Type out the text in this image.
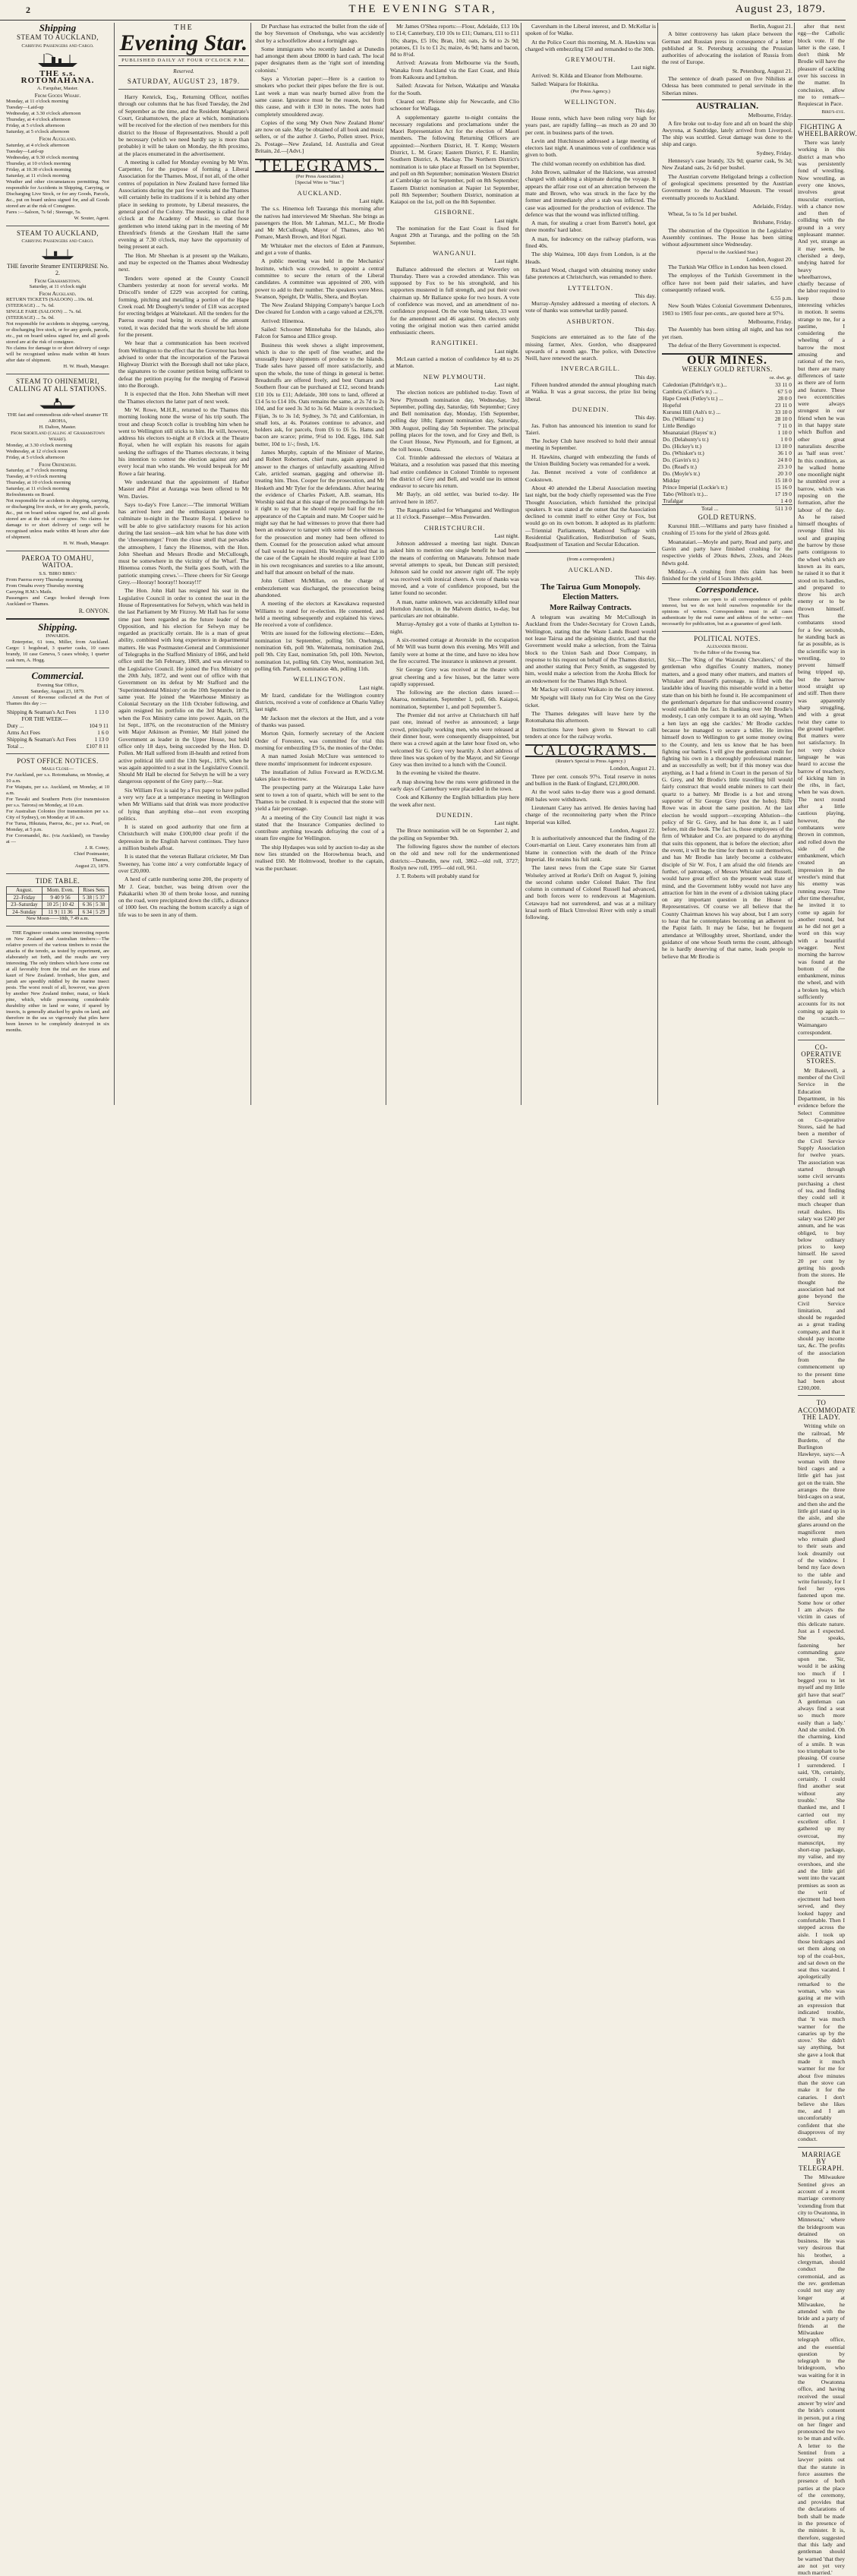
2	THE EVENING STAR,	August 23, 1879.
Shipping
STEAM TO AUCKLAND,
Carrying Passengers and Cargo.
THE s.s. ROTOMAHANA.
A. Farquhar, Master.
From Goods Wharf.
Monday, at 11 o'clock morning
Tuesday—Laid-up
Wednesday, at 3.30 o'clock afternoon
Thursday, at 4 o'clock afternoon
Friday, at 5 o'clock afternoon
Saturday, at 5 o'clock afternoon
From Auckland.
Saturday, at 4 o'clock afternoon
Tuesday—Laid-up
Wednesday, at 9.30 o'clock morning
Thursday, at 10 o'clock morning
Friday, at 10.30 o'clock morning
Saturday, at 11 o'clock morning
Weather and other circumstances permitting. Not responsible for Accidents in Shipping, Carrying, or Discharging Live Stock, or for any Goods, Parcels, &c., put on board unless signed for, and all Goods stored are at the risk of Consignee.
Fares :—Saloon, 7s 6d ; Steerage, 5s.
W. Souter, Agent.
STEAM TO AUCKLAND,
Carrying Passengers and Cargo.
THE favorite Steamer ENTERPRISE No. 2.
From Grahamstown.
Saturday, at 11 o'clock night
From Auckland.
RETURN TICKETS (SALOON) ...10s. 0d.
(STEERAGE) ... 7s. 6d.
SINGLE FARE (SALOON) ... 7s. 6d.
(STEERAGE) ... 5s. 0d.
Not responsible for accidents in shipping, carrying, or discharging live stock, or for any goods, parcels, etc., put on board unless signed for, and all goods stored are at the risk of consignee.
No claims for damage to or short delivery of cargo will be recognised unless made within 48 hours after date of shipment.
H. W. Heath, Manager.
STEAM TO OHINEMURI, CALLING AT ALL STATIONS.
THE fast and commodious side-wheel steamer TE AROHA,
H. Dalton, Master.
From Shortland (calling at Grahamstown Wharf).
Monday, at 3.30 o'clock morning
Wednesday, at 12 o'clock noon
Friday, at 5 o'clock afternoon
From Ohinemuri.
Saturday, at 7 o'clock morning
Tuesday, at 9 o'clock morning
Thursday, at 10 o'clock morning
Saturday, at 11 o'clock morning
Refreshments on Board.
Not responsible for accidents in shipping, carrying, or discharging live stock, or for any goods, parcels, &c., put on board unless signed for, and all goods stored are at the risk of consignee. No claims for damage to or short delivery of cargo will be recognised unless made within 48 hours after date of shipment.
H. W. Heath, Manager.
PAEROA TO OMAHU, WAITOA.
S.S. 'BIRO BIRO.'
From Paeroa every Thursday morning
From Omahu every Thursday morning
Carrying H.M.'s Mails.
Passengers and Cargo booked through from Auckland or Thames.
R. ONYON.
Shipping.
INWARDS.

Enterprise, 61 tons, Miller, from Auckland. Cargo: 1 hogshead, 3 quarter casks, 10 cases brandy, 10 case Geneva, 5 cases whisky, 1 quarter cask rum, A. Hogg.

Commercial.
Evening Star Office,
Saturday, August 23, 1879.

Amount of Revenue collected at the Port of Thames this day :—

Shipping & Seaman's Act Fees	1 13 0
FOR THE WEEK—	
Duty ...	104 9 11
Arms Act Fees	1 6 0
Shipping & Seaman's Act Fees	1 13 0
Total ...	£107 8 11
POST OFFICE NOTICES.
Mails Close—
For Auckland, per s.s. Rotomahana, on Monday, at 10 a.m.
For Waipatu, per s.s. Auckland, on Monday, at 10 a.m.
For Tawaki and Southern Ports (for transmission per s.s. Tairora) on Monday, at 10 a.m.
For Australian Colonies (for transmission per s.s. City of Sydney), on Monday at 10 a.m.
For Turua, Hikutaia, Paeroa, &c., per s.s. Pearl, on Monday, at 5 p.m.
For Coromandel, &c. (via Auckland), on Tuesday at —
J. R. Coney,
Chief Postmaster,
Thames,
August 23, 1879.
TIDE TABLE.
August.	Morn. Even.	Rises Sets
22–Friday	9 40 9 56	5 38 | 5 37
23–Saturday	10 25 | 10 42	6 36 | 5 38
24–Sunday	11 9 | 11 36	6 34 | 5 29
New Moon——18th, 7.49 a.m.

THE Engineer contains some interesting reports on New Zealand and Australian timbers:—The relative powers of the various timbers to resist the attacks of the teredo, as tested by experiment, are elaborately set forth, and the results are very interesting. The only timbers which have come out at all favorably from the trial are the totara and kauri of New Zealand. Ironbark, blue gum, and jarrah are speedily riddled by the marine insect pests. The worst result of all, however, was given by another New Zealand timber, matai, or black pine, which, while possessing considerable durability either in land or water, if spared by insects, is generally attacked by grubs on land, and therefore in the sea so vigorously that piles have been known to be completely destroyed in six months.

THE
Evening Star.
PUBLISHED DAILY AT FOUR O'CLOCK P.M.
Reserved.
SATURDAY, AUGUST 23, 1879.

Harry Kenrick, Esq., Returning Officer, notifies through our columns that he has fixed Tuesday, the 2nd of September as the time, and the Resident Magistrate's Court, Grahamstown, the place at which, nominations will be received for the election of two members for this district to the House of Representatives. Should a poll be necessary (which we need hardly say is more than probable) it will be taken on Monday, the 8th proximo, at the places enumerated in the advertisement.

A meeting is called for Monday evening by Mr Wm. Carpenter, for the purpose of forming a Liberal Association for the Thames. Most, if not all, of the other centres of population in New Zealand have formed like Associations during the past few weeks and the Thames will certainly belie its traditions if it is behind any other place in seeking to promote, by Liberal measures, the general good of the Colony. The meeting is called for 8 o'clock at the Academy of Music, so that those gentlemen who intend taking part in the meeting of Mr Ehrenfried's friends at the Gresham Hall the same evening at 7.30 o'clock, may have the opportunity of being present at each.

The Hon. Mr Sheehan is at present up the Waikato, and may be expected on the Thames about Wednesday next.

Tenders were opened at the County Council Chambers yesterday at noon for several works. Mr Driscoll's tender of £229 was accepted for cutting, forming, pitching and metalling a portion of the Hape Creek road. Mr Dougherty's tender of £18 was accepted for erecting bridges at Waitekauri. All the tenders for the Paeroa swamp road being in excess of the amount voted, it was decided that the work should be left alone for the present.

We hear that a communication has been received from Wellington to the effect that the Governor has been advised to order that the incorporation of the Parawai Highway District with the Borough shall not take place, the signatures to the counter petition being sufficient to defeat the petition praying for the merging of Parawai into the Borough.

It is expected that the Hon. John Sheehan will meet the Thames electors the latter part of next week.

Mr W. Rowe, M.H.R., returned to the Thames this morning looking none the worse of his trip south. The trout and cheap Scotch collar is troubling him when he went to Wellington still sticks to him. He will, however, address his electors to-night at 8 o'clock at the Theatre Royal, when he will explain his reasons for again seeking the suffrages of the Thames electorate, it being his intention to contest the election against any and every local man who stands. We would bespeak for Mr Rowe a fair hearing.

We understand that the appointment of Harbor Master and Pilot at Auranga was been offered to Mr Wm. Davies.

Says to-day's Free Lance:—'The immortal William has arrived here and the enthusiasm appeared to culminate to-night in the Theatre Royal. I believe he will be able to give satisfactory reasons for his action during the last session—ask him what he has done with the 'cheesemonger.' From the close smell that pervades the atmosphere, I fancy the Hinemos, with the Hon. John Sheehan and Messrs Brodie and McCullough, must be somewhere in the vicinity of the Wharf. The Hinemoa comes North, the Stella goes South, with the patriotic stumping crews.'—Three cheers for Sir George Grey.—Hooray! hooray!! hooray!!!'

The Hon. John Hall has resigned his seat in the Legislative Council in order to contest the seat in the House of Representatives for Selwyn, which was held in the last Parliament by Mr Fitzroy. Mr Hall has for some time past been regarded as the future leader of the Opposition, and his election for Selwyn may be regarded as practically certain. He is a man of great ability, combined with long experience in departmental matters. He was Postmaster-General and Commissioner of Telegraphs in the Stafford Ministry of 1866, and held office until the 5th February, 1869, and was elevated to the Legislative Council. He joined the Fox Ministry on the 20th July, 1872, and went out of office with that Government on its defeat by Mr Stafford and the 'Superintendental Ministry' on the 10th September in the same year. He joined the Waterhouse Ministry as Colonial Secretary on the 11th October following, and again resigned his portfolio on the 3rd March, 1873, when the Fox Ministry came into power. Again, on the 1st Sept., 1876, on the reconstruction of the Ministry with Major Atkinson as Premier, Mr Hall joined the Government as leader in the Upper House, but held office only 18 days, being succeeded by the Hon. D. Pollen. Mr Hall suffered from ill-health and retired from active political life until the 13th Sept., 1876, when he was again appointed to a seat in the Legislative Council. Should Mr Hall be elected for Selwyn he will be a very dangerous opponent of the Grey party.—Star.

Six William Fox is said by a Fox paper to have pulled a very wry face at a temperance meeting in Wellington when Mr Williams said that drink was more productive of lying than anything else—not even excepting politics.

It is stated on good authority that one firm at Christchurch will make £100,000 clear profit if the depression in the English harvest continues. They have a million bushels afloat.

It is stated that the veteran Ballarat cricketer, Mr Dan Sweeney, has 'come into' a very comfortable legacy of over £20,000.

A herd of cattle numbering some 200, the property of Mr J. Gear, butcher, was being driven over the Pakakariki when 30 of them broke loose, and running on the road, were precipitated down the cliffs, a distance of 1000 feet. On reaching the bottom scarcely a sign of life was to be seen in any of them.

Dr Purchase has extracted the bullet from the side of the boy Stevenson of Onehunga, who was accidently shot by a schoolfellow about a fortnight ago.

Some immigrants who recently landed at Dunedin had amongst them about £8000 in hard cash. The local paper designates them as the 'right sort of intending colonists.'

Says a Victorian paper:—Here is a caution to smokers who pocket their pipes before the fire is out. Last week a man was nearly burned alive from the same cause. Ignorance must be the reason, but from this cause, and with it £30 in notes. The notes had completely smouldered away.

Copies of the song 'My Own New Zealand Home' are now on sale. May be obtained of all book and music sellers, or of the author J. Gerbo, Pollen street. Price, 2s. Postage—New Zealand, 1d. Australia and Great Britain, 2d.—[Advt.]

TELEGRAMS.
(Per Press Association.)
[Special Wire to "Star."]
AUCKLAND.
Last night.

The s.s. Hinemoa left Tauranga this morning after the natives had interviewed Mr Sheehan. She brings as passengers the Hon. Mr Lahman, M.L.C., Mr Brodie and Mr McCullough, Mayor of Thames, also Wi Pomare, Marsh Brown, and Hori Ngati.

Mr Whitaker met the electors of Eden at Panmure, and got a vote of thanks.

A public meeting was held in the Mechanics' Institute, which was crowded, to appoint a central committee to secure the return of the Liberal candidates. A committee was appointed of 200, with power to add to their number. The speakers were Mess. Swanson, Speight, Dr Wallis, Shera, and Boylan.

The New Zealand Shipping Company's barque Loch Dee cleared for London with a cargo valued at £26,378.

Arrived: Hinemoa.

Sailed: Schooner Minnehaha for the Islands, also Falcon for Samoa and Ellice group.

Business this week shows a slight improvement, which is due to the spell of fine weather, and the unusually heavy shipments of produce to the Islands. Trade sales have passed off more satisfactorily, and upon the whole, the tone of things in general is better. Breadstuffs are offered freely, and best Oamaru and Southern flour can be purchased at £12, second brands £10 10s to £11; Adelaide, 300 tons to land, offered at £14 5s to £14 10s. Oats remains the same, at 2s 7d to 2s 10d, and for seed 3s 3d to 3s 6d. Maize is overstocked; Fijian, 3s to 3s 1d; Sydney, 3s 7d; and Californian, in small lots, at 4s. Potatoes continue to advance, and holders ask, for parcels, from £6 to £6 5s. Hams and bacon are scarce; prime, 9½d to 10d. Eggs, 10d. Salt butter, 10d to 1/-; fresh, 1/6.

James Murphy, captain of the Minister of Marine, and Robert Robertson, chief mate, again appeared in answer to the charges of unlawfully assaulting Alfred Cale, articled seaman, gagging and otherwise ill-treating him. Thos. Cooper for the prosecution, and Mr Hesketh and Mr Tyler for the defendants. After hearing the evidence of Charles Pickett, A.B. seaman, His Worship said that at this stage of the proceedings he felt it right to say that he should require bail for the re-appearance of the Captain and mate. Mr Cooper said he might say that he had witnesses to prove that there had been an endeavor to tamper with some of the witnesses for the prosecution and money had been offered to them. Counsel for the prosecution asked what amount of bail would be required. His Worship replied that in the case of the Captain he should require at least £100 in his own recognisances and sureties to a like amount, and half that amount on behalf of the mate.

John Gilbert McMillan, on the charge of embezzlement was discharged, the prosecution being abandoned.

A meeting of the electors at Kawakawa requested Williams to stand for re-election. He consented, and held a meeting subsequently and explained his views. He received a vote of confidence.

Writs are issued for the following elections:—Eden, nomination 1st September, polling 5th. Onehunga, nomination 6th, poll 9th. Waitemata, nomination 2nd, poll 9th. City East, nomination 5th, poll 10th. Newton, nomination 1st, polling 6th. City West, nomination 3rd, polling 6th. Parnell, nomination 4th, polling 11th.

WELLINGTON.
Last night.

Mr Izard, candidate for the Wellington country districts, received a vote of confidence at Ohariu Valley last night.

Mr Jackson met the electors at the Hutt, and a vote of thanks was passed.

Morton Quin, formerly secretary of the Ancient Order of Foresters, was committed for trial this morning for embezzling £9 5s, the monies of the Order.

A man named Josiah McClure was sentenced to three months' imprisonment for indecent exposure.

The installation of Julius Foxward as R.W.D.G.M. takes place to-morrow.

The prospecting party at the Wairarapa Lake have sent to town a ton of quartz, which will be sent to the Thames to be crushed. It is expected that the stone will yield a fair percentage.

At a meeting of the City Council last night it was stated that the Insurance Companies declined to contribute anything towards defraying the cost of a steam fire engine for Wellington.

The ship Hydaspes was sold by auction to-day as she now lies stranded on the Horowhenua beach, and realised £60. Mr Holmwood, brother to the captain, was the purchaser.

Mr James O'Shea reports:—Flour, Adelaide, £13 10s to £14; Canterbury, £10 10s to £11; Oamaru, £11 to £11 10s; sharps, £5 10s; Bran, 10d; oats, 2s 6d to 2s 9d; potatoes, £1 1s to £1 2s; maize, 4s 9d; hams and bacon, 8d to 8½d.

Arrived: Arawata from Melbourne via the South, Wanaka from Auckland via the East Coast, and Huia from Kaikoura and Lyttelton.

Sailed: Arawata for Nelson, Wakatipu and Wanaka for the South.

Cleared out: Pleione ship for Newcastle, and Clio schooner for Wallaga.

A supplementary gazette to-night contains the necessary regulations and proclamations under the Maori Representation Act for the election of Maori members. The following Returning Officers are appointed:—Northern District, H. T. Kemp; Western District, L. M. Grace; Eastern District, F. E. Hamlin; Southern District, A. Mackay. The Northern District's nomination is to take place at Russell on 1st September, and poll on 8th September; nomination Western District at Cambridge on 1st September, poll on 8th September; Eastern District nomination at Napier 1st September, poll 8th September; Southern District, nomination at Kaiapoi on the 1st, poll on the 8th September.

GISBORNE.
Last night.

The nomination for the East Coast is fixed for August 29th at Turanga, and the polling on the 5th September.

WANGANUI.
Last night.

Ballance addressed the electors at Waverley on Thursday. There was a crowded attendance. This was supposed by Fox to be his stronghold, and his supporters mustered in full strength, and put their own chairman up. Mr Ballance spoke for two hours. A vote of confidence was moved, and an amendment of no-confidence proposed. On the vote being taken, 33 went for the amendment and 46 against. On electors only voting the original motion was then carried amidst enthusiastic cheers.

RANGITIKEI.
Last night.

McLean carried a motion of confidence by 48 to 26 at Marton.

NEW PLYMOUTH.
Last night.

The election notices are published to-day. Town of New Plymouth nomination day, Wednesday, 3rd September, polling day, Saturday, 6th September; Grey and Bell nomination day, Monday, 15th September, polling day 18th; Egmont nomination day, Saturday, 30th August, polling day 5th September. The principal polling places for the town, and for Grey and Bell, is the Court House, New Plymouth, and for Egmont, at the toll house, Omata.

Col. Trimble addressed the electors of Waitara at Waitara, and a resolution was passed that this meeting had entire confidence in Colonel Trimble to represent the district of Grey and Bell, and would use its utmost endeavor to secure his return.

Mr Bayly, an old settler, was buried to-day. He arrived here in 1857.

The Rangatira sailed for Whanganui and Wellington at 11 o'clock. Passenger—Miss Penwarden.

CHRISTCHURCH.
Last night.

Johnson addressed a meeting last night. Duncan asked him to mention one single benefit he had been the means of conferring on Manawatu. Johnson made several attempts to speak, but Duncan still persisted; Johnson said he could not answer right off. The reply was received with ironical cheers. A vote of thanks was moved, and a vote of confidence proposed, but the latter found no seconder.

A man, name unknown, was accidentally killed near Horndon Junction, in the Malvern district, to-day, but particulars are not obtainable.

Murray-Aynsley got a vote of thanks at Lyttelton to-night.

A six-roomed cottage at Avonside in the occupation of Mr Will was burnt down this evening. Mrs Will and family were at home at the time, and have no idea how the fire occurred. The insurance is unknown at present.

Sir George Grey was received at the theatre with great cheering and a few hisses, but the latter were rapidly suppressed.

The following are the election dates issued:—Akaroa, nomination, September 1, poll, 6th. Kaiapoi, nomination, September 1, and poll September 5.

The Premier did not arrive at Christchurch till half past one, instead of twelve as announced; a large crowd, principally working men, who were released at their dinner hour, were consequently disappointed, but there was a crowd again at the later hour fixed on, who welcomed Sir G. Grey very heartily. A short address of three lines was spoken of by the Mayor, and Sir George Grey was then invited to a lunch with the Council.

In the evening he visited the theatre.

A map showing how the runs were gridironed in the early days of Canterbury were placarded in the town.

Cook and Kilkenny the English billiardists play here the week after next.

DUNEDIN.
Last night.

The Bruce nomination will be on September 2, and the polling on September 9th.

The following figures show the number of electors on the old and new roll for the undermentioned districts:—Dunedin, new roll, 3862—old roll, 3727; Roslyn new roll, 1995—old roll, 961.

J. T. Roberts will probably stand for

Caversham in the Liberal interest, and D. McKellar is spoken of for Walke.

At the Police Court this morning, M. A. Hawkins was charged with embezzling £50 and remanded to the 30th.

GREYMOUTH.
Last night.

Arrived: St. Kilda and Eleanor from Melbourne.

Sailed: Waipara for Hokitika.

(Per Press Agency.)
WELLINGTON.
This day.

House rents, which have been ruling very high for years past, are rapidly falling—as much as 20 and 30 per cent. in business parts of the town.

Levin and Hutchinson addressed a large meeting of electors last night. A unanimous vote of confidence was given to both.

The child woman recently on exhibition has died.

John Brown, sailmaker of the Halcione, was arrested charged with stabbing a shipmate during the voyage. It appears the affair rose out of an altercation between the mate and Brown, who was struck in the face by the former and immediately after a stab was inflicted. The case was adjourned for the production of evidence. The defence was that the wound was inflicted trifling.

A man, for stealing a cruet from Barrett's hotel, got three months' hard labor.

A man, for indecency on the railway platform, was fined 40s.

The ship Waimea, 100 days from London, is at the Heads.

Richard Wood, charged with obtaining money under false pretences at Christchurch, was remanded to there.

LYTTELTON.
This day.

Murray-Aynsley addressed a meeting of electors. A vote of thanks was somewhat tardily passed.

ASHBURTON.
This day.

Suspicions are entertained as to the fate of the missing farmer, Alex. Gordon, who disappeared upwards of a month ago. The police, with Detective Neill, have renewed the search.

INVERCARGILL.
This day.

Fifteen hundred attended the annual ploughing match at Waika. It was a great success, the prize list being liberal.

DUNEDIN.
This day.

Jas. Fulton has announced his intention to stand for Taieri.

The Jockey Club have resolved to hold their annual meeting in September.

H. Hawkins, charged with embezzling the funds of the Union Building Society was remanded for a week.

Jas. Bennet received a vote of confidence at Cookstown.

About 40 attended the Liberal Association meeting last night, but the body chiefly represented was the Free Thought Association, which furnished the principal speakers. It was stated at the outset that the Association declined to commit itself to either Grey or Fox, but would go on its own bottom. It adopted as its platform:—Triennial Parliaments, Manhood Suffrage with Residential Qualification, Redistribution of Seats, Readjustment of Taxation and Secular Education.

(from a correspondent.)
AUCKLAND.
This day.
The Tairua Gum Monopoly.
Election Matters.
More Railway Contracts.

A telegram was awaiting Mr McCullough in Auckland from the Under-Secretary for Crown Lands, Wellington, stating that the Waste Lands Board would not lease Tairua and the adjoining district, and that the Government would make a selection, from the Tairua block to the Union Sash and Door Company, in response to his request on behalf of the Thames district, and another stating that Percy Smith, as suggested by him, would make a selection from the Aroha Block for an endowment for the Thames High School.

Mr Mackay will contest Waikato in the Grey interest.

Mr Speight will likely run for City West on the Grey ticket.

The Thames delegates will leave here by the Rotomahana this afternoon.

Instructions have been given to Stewart to call tenders at once for the railway works.

CALOGRAMS.
(Reuter's Special to Press Agency.)
London, August 21.

Three per cent. consols 97¼. Total reserve in notes and bullion in the Bank of England, £21,800,000.

At the wool sales to-day there was a good demand. 868 bales were withdrawn.

Lieutenant Carey has arrived. He denies having had charge of the reconnoitering party when the Prince Imperial was killed.

London, August 22.

It is authoritatively announced that the finding of the Court-martial on Lieut. Carey exonerates him from all blame in connection with the death of the Prince Imperial. He retains his full rank.

The latest news from the Cape state Sir Garnet Wolseley arrived at Rorke's Drift on August 9, joining the second column under Colonel Baker. The first column in command of Colonel Russell had advanced, and both forces were to rendezvous at Magenium. Cetawayo had not surrendered, and was at a military kraal north of Black Umvolosi River with only a small following.

Berlin, August 21.

A bitter controversy has taken place between the German and Russian press in consequence of a letter published at St. Petersburg accusing the Prussian authorities of advocating the isolation of Russia from the rest of Europe.

St. Petersburg, August 21.

The sentence of death passed on five Nihilists at Odessa has been commuted to penal servitude in the Siberian mines.

AUSTRALIAN.
Melbourne, Friday.

A fire broke out to-day fore and aft on board the ship Awyrona, at Sandridge, lately arrived from Liverpool. The ship was scuttled. Great damage was done to the ship and cargo.

Sydney, Friday.

Hennessy's case brandy, 32s 9d; quarter cask, 9s 3d; New Zealand oats, 2s 6d per bushel.

The Austrian corvette Heligoland brings a collection of geological specimens presented by the Austrian Government to the Auckland Museum. The vessel eventually proceeds to Auckland.

Adelaide, Friday.

Wheat, 5s to 5s 1d per bushel.

Brisbane, Friday.

The obstruction of the Opposition in the Legislative Assembly continues. The House has been sitting without adjournment since Wednesday.

(Special to the Auckland Star.)
London, August 20.

The Turkish War Office in London has been closed.

The employes of the Turkish Government in the office have not been paid their salaries, and have consequently refused work.

6.55 p.m.

New South Wales Colonial Government Debentures, 1903 to 1905 four per-cents., are quoted here at 97¼.

Melbourne, Friday.

The Assembly has been sitting all night, and has not yet risen.

The defeat of the Berry Government is expected.

OUR MINES.
WEEKLY GOLD RETURNS.
	oz. dwt. gr.
Caledonian (Paltridge's tr.)...	33 11 0
Cambria (Collier's tr.) ...	67 5 0
Hape Creek (Fetley's tr.) ...	28 0 0
Hopeful	23 11 0
Kurunui Hill (Ash's tr.) ...	33 10 0
Do. (Williams' tr.)	28 10 0
Little Bendigo	7 11 0
Moanataiari (Hayes' tr.)	1 10 0
Do. (Delahunty's tr.)	1 0 0
Do. (Hickey's tr.)	13 10 0
Do. (Whisker's tr.)	36 1 0
Do. (Gavin's tr.)	24 8 0
Do. (Read's tr.)	23 3 0
Do. (Moyle's tr.)	20 3 0
Midday	15 18 0
Prince Imperial (Lockie's tr.)	15 16 0
Tabo (Wilton's tr.)...	17 19 0
Trafalgar	1 4 0
Total ...	511 3 0
GOLD RETURNS.

Kurunui Hill.—Williams and party have finished a crushing of 15 tons for the yield of 28ozs gold.

Moanataiari.—Moyle and party, Read and party, and Gavin and party have finished crushing for the respective yields of 20ozs 8dwts, 23ozs, and 24ozs 8dwts gold.

Midday.—A crushing from this claim has been finished for the yield of 15ozs 18dwts gold.

Correspondence.

These columns are open to all correspondence of public interest, but we do not hold ourselves responsible for the opinions of writers. Correspondents must in all cases authenticate by the real name and address of the writer—not necessarily for publication, but as a guarantee of good faith.

POLITICAL NOTES.
Alexander Brodie.
To the Editor of the Evening Star.

Sir,—The 'King of the Waiotahi Chevaliers,' of the gentleman who dignifies County matters, money matters, and a good many other matters, and matters of Whitaker and Russell's patronage, is filled with the laudable idea of leaving this miserable world in a better state than on his birth he found it. He accompaniment of the gentleman's departure for that undiscovered country would establish the fact. In thanking over Mr Brodie's modesty, I can only compare it to an old saying, 'When a hen lays an egg she cackles.' Mr Brodie cackles because he managed to secure a billet. He invites himself down to Wellington to get some money owing to the County, and lets us know that he has been fighting our battles. I will give the gentleman credit for fighting his own in a thoroughly professional manner, and as successfully as well; but if this money was due anything, as I had a friend in Court in the person of Sir G. Grey, and Mr Brodie's little travelling bill would fairly construct that would enable miners to cart their quartz to a battery. Mr Brodie is a hot and strong supporter of Sir George Grey (not the hobo). Billy Rowe was in about the same position. At the last election he would support—excepting Ablution—the policy of Sir G. Grey, and he has done it, as I said before, mit die book. The fact is, those employees of the firm of Whitaker and Co. are prepared to do anything that suits this opponent, that is before the election; after the event, it will be the time for them to suit themselves, and has Mr Brodie has lately become a coldwater disciple of Sir W. Fox, I am afraid the old friends are further, of patronage, of Messrs Whitaker and Russell, would have great effect on the present weak state of mind, and the Government lobby would not have any attraction for him in the event of a division taking place on any important question in the House of Representatives. Of course we all believe that the County Chairman knows his way about, but I am sorry to hear that he contemplates becoming an adherent to the Papist faith. It may be false, but he frequent attendance at Willoughby street, Shortland, under the guidance of one whose South terms the count, although he is hardly deserving of that name, leads people to believe that Mr Brodie is

after that next egg—the Catholic block vote. If the latter is the case, I don't think Mr Brodie will have the pleasure of cackling over his success in the matter. In conclusion, allow me to remark—Requiescat in Pace.

Bird's-eye.
FIGHTING A WHEELBARROW.

There was lately working in this district a man who was persistently fond of wrestling. Now wrestling, as every one knows, involves great muscular exertion, with a chance now and then of colliding with the ground in a very unpleasant manner. And yet, strange as it may seem, he cherished a deep, undying hatred for heavy wheelbarrows, chiefly because of the labor required to keep those interesting vehicles in motion. It seems strange to me, for a pastime, I considering the wheeling of a barrow the most amusing and rational of the two, but there are many differences of taste as there are of form and feature. These two eccentricities were always strongest in our friend when he was in that happy state which Buffon and other great naturalists describe as 'half seas over.' In this condition, as he walked home one moonlight night he stumbled over a barrow, which was reposing on the formation, after the labour of the day. As he raised himself thoughts of revenge filled his soul and grasping the barrow by those parts contiguous to the wheel which are known as its ears, he raised it so that it stood on its handles, and prepared to throw his arch enemy or to be thrown himself. Thus the combatants stood for a few seconds, he standing back as far as possible, as is the scientific way in wrestling, to prevent himself being tripped up, but the barrow stood straight up and stiff. Then there was apparently sharp struggling, and with a great twist they came to the ground together. But matters were not satisfactory. In not very choice language he was heard to accuse the barrow of treachery, of kicking him in the ribs, in fact, when he was down. The next round after a little cautious playing, however, the combatants were thrown in common, and rolled down the side of the embankment, which created an impression in the wrestler's mind that his enemy was running away. Time after time thereafter, he invited it to come up again for another round, but as he did not get a word on this way with a beautiful swagger. Next morning the barrow was found at the bottom of the embankment, minus the wheel, and with a broken leg, which sufficiently accounts for its not coming up again to the scratch.—Waimangaro correspondent.

CO-OPERATIVE STORES.

Mr Bakewell, a member of the Civil Service in the Education Department, in his evidence before the Select Committee on Co-operative Stores, said he had been a member of the Civil Service Supply Association for twelve years. The association was started through some civil servants purchasing a chest of tea, and finding they could sell it much cheaper than retail dealers. His salary was £240 per annum, and he was obliged, to buy below ordinary prices to keep himself. He saved 20 per cent by getting his goods from the stores. He thought the association had not gone beyond the Civil Service limitation, and should be regarded as a great trading company, and that it should pay income tax, &c. The profits of the association from the commencement up to the present time had been about £200,000.

TO ACCOMMODATE THE LADY.

Writing while on the railroad, Mr Burdette, of the Burlington Hawkeye, says:—A woman with three bird cages and a little girl has just got on the train. She arranges the three bird-cages on a seat, and then she and the little girl stand up in the aisle, and she glares around on the magnificent men who remain glued to their seats and look dreamily out of the window. I bend my face down to the table and write furiously, for I feel her eyes fastened upon me. Some how or other I am always the victim in cases of this delicate nature. Just as I expected. She speaks, fastening her commanding gaze upon me. 'Sir, would it be asking too much if I begged you to let myself and my little girl have that seat?' A gentleman can always find a seat so much more easily than a lady.' And she smiled. Oh the charming, kind of a smile. It was too triumphant to be pleasing. Of course I surrendered. I said, 'Oh, certainly, certainly. I could find another seat without any trouble.' She thanked me, and I carried out my excellent offer. I gathered up my overcoat, my manuscript, my short-trap package, my valise, and my overshoes, and she and the little girl went into the vacant premises as soon as the writ of ejectment had been served, and they looked happy and comfortable. Then I stepped across the aisle. I took up those birdcages and set them along on top of the coal-box, and sat down on the seat thus vacated. I apologetically remarked to the woman, who was gazing at me with an expression that indicated trouble, that 'it was much warmer for the canaries up by the stove.' She didn't say anything, but she gave a look that made it much warmer for me for about five minutes than the stove can make it for the canaries. I don't believe she likes me, and I am uncomfortably confident that she disapproves of my conduct.

MARRIAGE BY TELEGRAPH.

The Milwaukee Sentinel gives an account of a recent marriage ceremony 'extending from that city to Owatonna, in Minnesota,' where the bridegroom was detained on business. He was very desirous that his brother, a clergyman, should conduct the ceremonial, and as the rev. gentleman could not stay any longer at Milwaukee, he attended with the bride and a party of friends at the Milwaukee telegraph office, and the essential question by telegraph to the bridegroom, who was waiting for it in the Owatonna office, and having received the usual answer 'by wire' and the bride's consent in person, put a ring on her finger and pronounced the two to be man and wife. A letter to the Sentinel from a lawyer points out that the statute in force assumes the presence of both parties at the place of the ceremony, and provides that the declarations of both shall be made in the presence of the minister. It is, therefore, suggested that this lady and gentleman should be warned 'that they are not yet very much married.'
